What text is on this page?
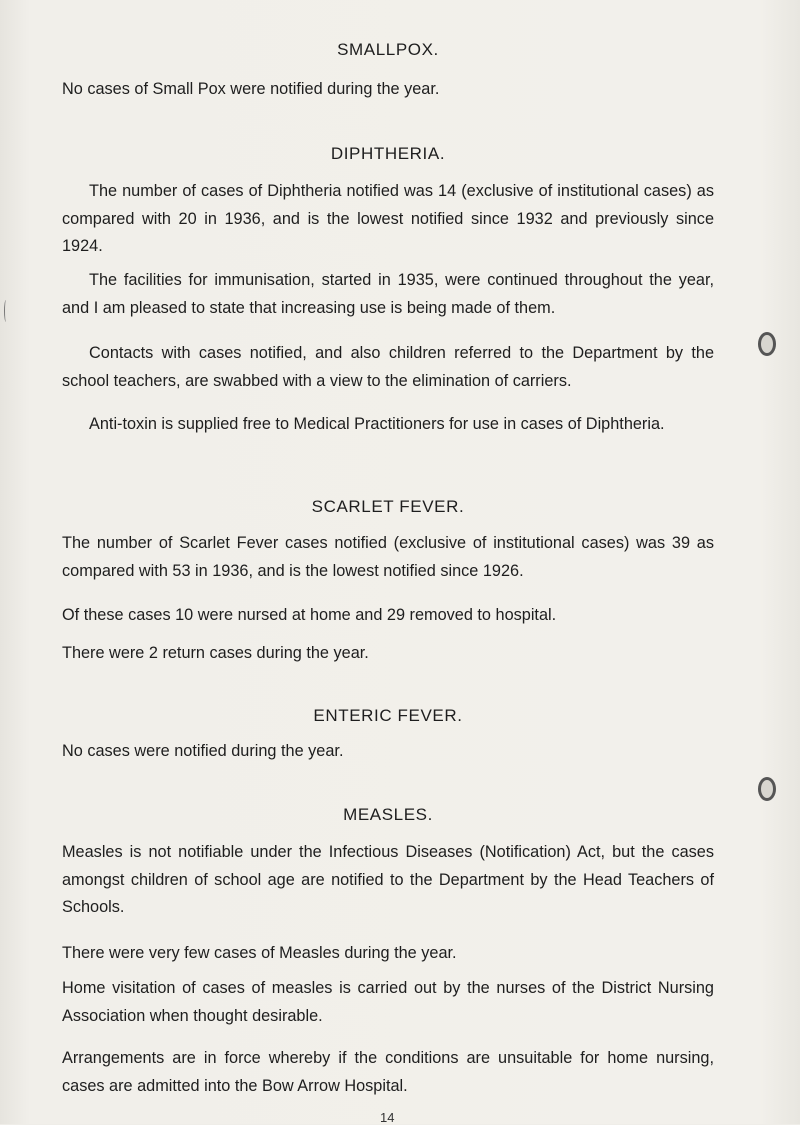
SMALLPOX.

No cases of Small Pox were notified during the year.

DIPHTHERIA.

The number of cases of Diphtheria notified was 14 (exclusive of institutional cases) as compared with 20 in 1936, and is the lowest notified since 1932 and previously since 1924.

The facilities for immunisation, started in 1935, were continued throughout the year, and I am pleased to state that increasing use is being made of them.

Contacts with cases notified, and also children referred to the Department by the school teachers, are swabbed with a view to the elimination of carriers.

Anti-toxin is supplied free to Medical Practitioners for use in cases of Diphtheria.

SCARLET FEVER.

The number of Scarlet Fever cases notified (exclusive of institutional cases) was 39 as compared with 53 in 1936, and is the lowest notified since 1926.

Of these cases 10 were nursed at home and 29 removed to hospital.

There were 2 return cases during the year.

ENTERIC FEVER.

No cases were notified during the year.

MEASLES.

Measles is not notifiable under the Infectious Diseases (Notification) Act, but the cases amongst children of school age are notified to the Department by the Head Teachers of Schools.

There were very few cases of Measles during the year.

Home visitation of cases of measles is carried out by the nurses of the District Nursing Association when thought desirable.

Arrangements are in force whereby if the conditions are unsuitable for home nursing, cases are admitted into the Bow Arrow Hospital.

14
